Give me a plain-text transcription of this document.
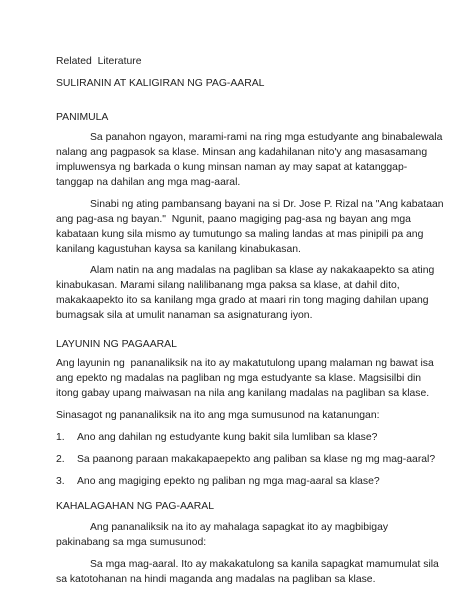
Related  Literature
SULIRANIN AT KALIGIRAN NG PAG-AARAL
PANIMULA
Sa panahon ngayon, marami-rami na ring mga estudyante ang binabalewala
nalang ang pagpasok sa klase. Minsan ang kadahilanan nito'y ang masasamang
impluwensya ng barkada o kung minsan naman ay may sapat at katanggap-
tanggap na dahilan ang mga mag-aaral.
Sinabi ng ating pambansang bayani na si Dr. Jose P. Rizal na "Ang kabataan
ang pag-asa ng bayan."  Ngunit, paano magiging pag-asa ng bayan ang mga
kabataan kung sila mismo ay tumutungo sa maling landas at mas pinipili pa ang
kanilang kagustuhan kaysa sa kanilang kinabukasan.
Alam natin na ang madalas na pagliban sa klase ay nakakaapekto sa ating
kinabukasan. Marami silang nalilibanang mga paksa sa klase, at dahil dito,
makakaapekto ito sa kanilang mga grado at maari rin tong maging dahilan upang
bumagsak sila at umulit nanaman sa asignaturang iyon.
LAYUNIN NG PAGAARAL
Ang layunin ng  pananaliksik na ito ay makatutulong upang malaman ng bawat isa
ang epekto ng madalas na pagliban ng mga estudyante sa klase. Magsisilbi din
itong gabay upang maiwasan na nila ang kanilang madalas na pagliban sa klase.
Sinasagot ng pananaliksik na ito ang mga sumusunod na katanungan:
1. Ano ang dahilan ng estudyante kung bakit sila lumliban sa klase?
2. Sa paanong paraan makakapaepekto ang paliban sa klase ng mg mag-aaral?
3. Ano ang magiging epekto ng paliban ng mga mag-aaral sa klase?
KAHALAGAHAN NG PAG-AARAL
Ang pananaliksik na ito ay mahalaga sapagkat ito ay magbibigay
pakinabang sa mga sumusunod:
Sa mga mag-aaral. Ito ay makakatulong sa kanila sapagkat mamumulat sila
sa katotohanan na hindi maganda ang madalas na pagliban sa klase.
